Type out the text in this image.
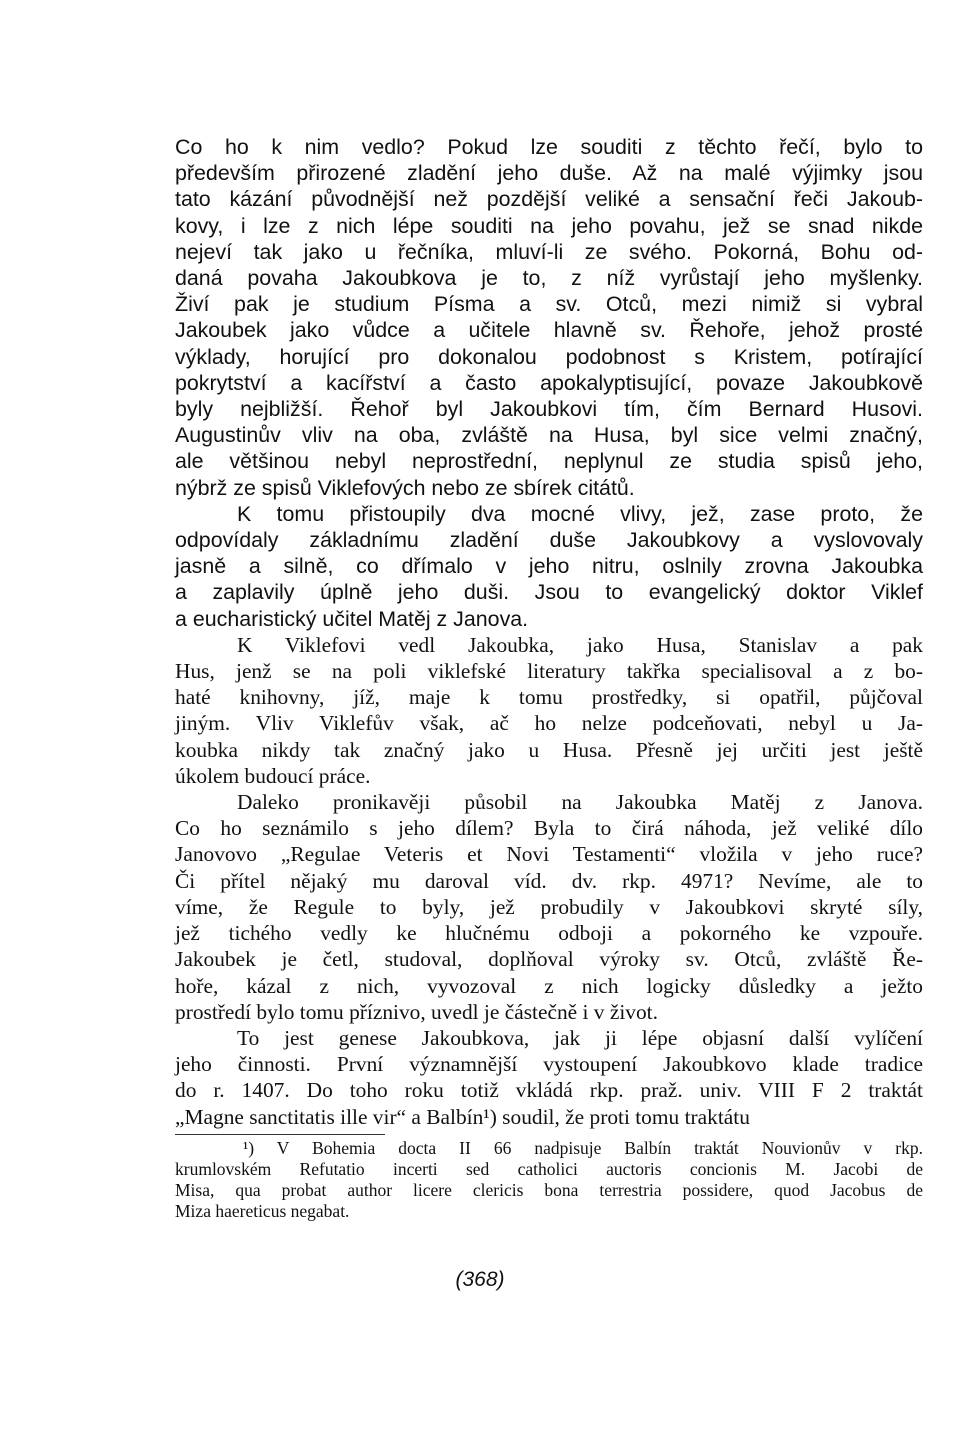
Co ho k nim vedlo? Pokud lze souditi z těchto řečí, bylo to

především přirozené zladění jeho duše. Až na malé výjimky jsou

tato kázání původnější než pozdější veliké a sensační řeči Jakoub-

kovy, i lze z nich lépe souditi na jeho povahu, jež se snad nikde

nejeví tak jako u řečníka, mluví-li ze svého. Pokorná, Bohu od-

daná povaha Jakoubkova je to, z níž vyrůstají jeho myšlenky.

Živí pak je studium Písma a sv. Otců, mezi nimiž si vybral

Jakoubek jako vůdce a učitele hlavně sv. Řehoře, jehož prosté

výklady, horující pro dokonalou podobnost s Kristem, potírající

pokrytství a kacířství a často apokalyptisující, povaze Jakoubkově

byly nejbližší. Řehoř byl Jakoubkovi tím, čím Bernard Husovi.

Augustinův vliv na oba, zvláště na Husa, byl sice velmi značný,

ale většinou nebyl neprostřední, neplynul ze studia spisů jeho,

nýbrž ze spisů Viklefových nebo ze sbírek citátů.

K tomu přistoupily dva mocné vlivy, jež, zase proto, že

odpovídaly základnímu zladění duše Jakoubkovy a vyslovovaly

jasně a silně, co dřímalo v jeho nitru, oslnily zrovna Jakoubka

a zaplavily úplně jeho duši. Jsou to evangelický doktor Viklef

a eucharistický učitel Matěj z Janova.

K Viklefovi vedl Jakoubka, jako Husa, Stanislav a pak

Hus, jenž se na poli viklefské literatury takřka specialisoval a z bo-

haté knihovny, jíž, maje k tomu prostředky, si opatřil, půjčoval

jiným. Vliv Viklefův však, ač ho nelze podceňovati, nebyl u Ja-

koubka nikdy tak značný jako u Husa. Přesně jej určiti jest ještě

úkolem budoucí práce.

Daleko pronikavěji působil na Jakoubka Matěj z Janova.

Co ho seznámilo s jeho dílem? Byla to čirá náhoda, jež veliké dílo

Janovovo „Regulae Veteris et Novi Testamenti“ vložila v jeho ruce?

Či přítel nějaký mu daroval víd. dv. rkp. 4971? Nevíme, ale to

víme, že Regule to byly, jež probudily v Jakoubkovi skryté síly,

jež tichého vedly ke hlučnému odboji a pokorného ke vzpouře.

Jakoubek je četl, studoval, doplňoval výroky sv. Otců, zvláště Ře-

hoře, kázal z nich, vyvozoval z nich logicky důsledky a ježto

prostředí bylo tomu příznivo, uvedl je částečně i v život.

To jest genese Jakoubkova, jak ji lépe objasní další vylíčení

jeho činnosti. První významnější vystoupení Jakoubkovo klade tradice

do r. 1407. Do toho roku totiž vkládá rkp. praž. univ. VIII F 2 traktát

„Magne sanctitatis ille vir“ a Balbín¹) soudil, že proti tomu traktátu

¹) V Bohemia docta II 66 nadpisuje Balbín traktát Nouvionův v rkp.

krumlovském Refutatio incerti sed catholici auctoris concionis M. Jacobi de

Misa, qua probat author licere clericis bona terrestria possidere, quod Jacobus de

Miza haereticus negabat.

(368)
